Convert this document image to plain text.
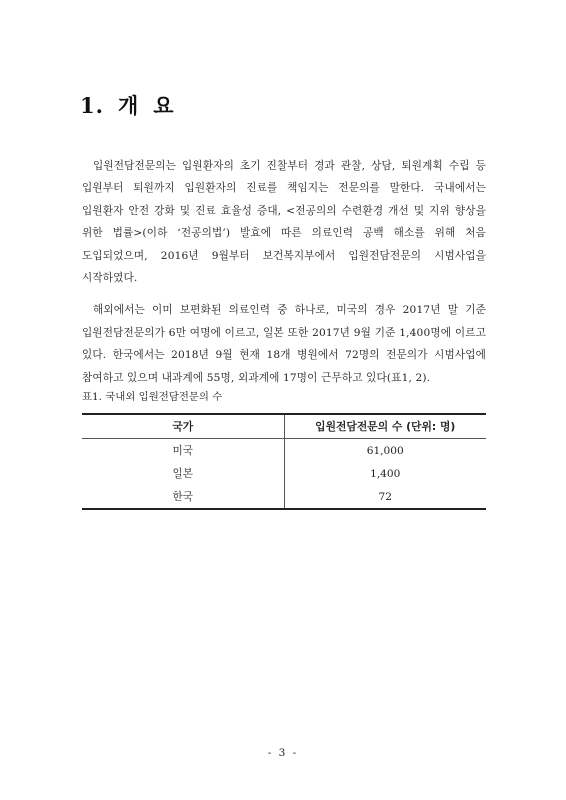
1. 개 요

입원전담전문의는 입원환자의 초기 진찰부터 경과 관찰, 상담, 퇴원계획 수립 등 입원부터 퇴원까지 입원환자의 진료를 책임지는 전문의를 말한다. 국내에서는 입원환자 안전 강화 및 진료 효율성 증대, <전공의의 수련환경 개선 및 지위 향상을 위한 법률>(이하 ‘전공의법’) 발효에 따른 의료인력 공백 해소를 위해 처음 도입되었으며, 2016년 9월부터 보건복지부에서 입원전담전문의 시범사업을 시작하였다.

해외에서는 이미 보편화된 의료인력 중 하나로, 미국의 경우 2017년 말 기준 입원전담전문의가 6만 여명에 이르고, 일본 또한 2017년 9월 기준 1,400명에 이르고 있다. 한국에서는 2018년 9월 현재 18개 병원에서 72명의 전문의가 시범사업에 참여하고 있으며 내과계에 55명, 외과계에 17명이 근무하고 있다(표1, 2).

표1. 국내외 입원전담전문의 수
국가	입원전담전문의 수 (단위: 명)
미국	61,000
일본	1,400
한국	72
- 3 -
